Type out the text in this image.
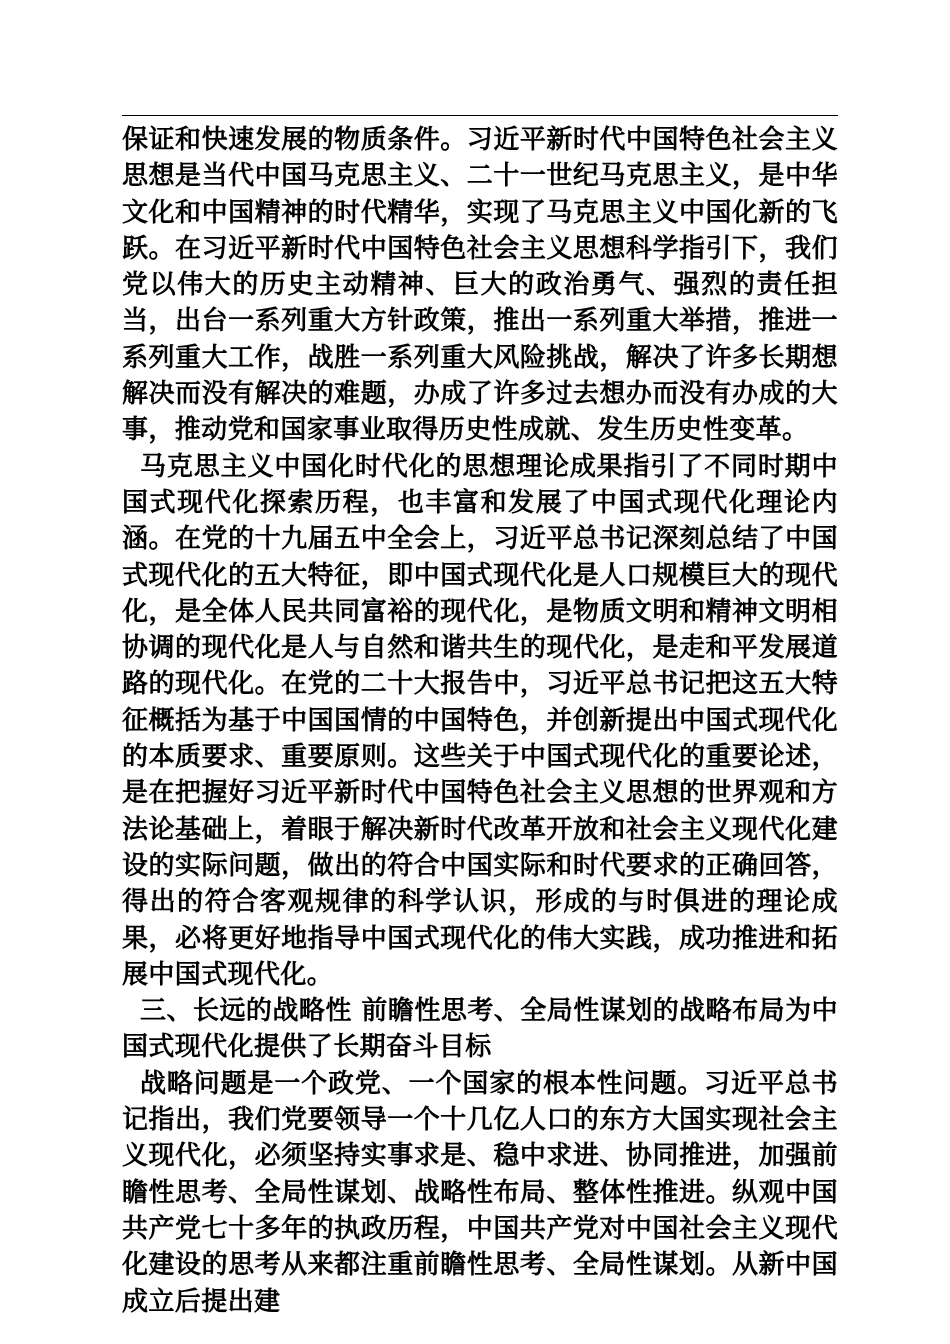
保证和快速发展的物质条件。习近平新时代中国特色社会主义思想是当代中国马克思主义、二十一世纪马克思主义，是中华文化和中国精神的时代精华，实现了马克思主义中国化新的飞跃。在习近平新时代中国特色社会主义思想科学指引下，我们党以伟大的历史主动精神、巨大的政治勇气、强烈的责任担当，出台一系列重大方针政策，推出一系列重大举措，推进一系列重大工作，战胜一系列重大风险挑战，解决了许多长期想解决而没有解决的难题，办成了许多过去想办而没有办成的大事，推动党和国家事业取得历史性成就、发生历史性变革。

马克思主义中国化时代化的思想理论成果指引了不同时期中国式现代化探索历程，也丰富和发展了中国式现代化理论内涵。在党的十九届五中全会上，习近平总书记深刻总结了中国式现代化的五大特征，即中国式现代化是人口规模巨大的现代化，是全体人民共同富裕的现代化，是物质文明和精神文明相协调的现代化是人与自然和谐共生的现代化，是走和平发展道路的现代化。在党的二十大报告中，习近平总书记把这五大特征概括为基于中国国情的中国特色，并创新提出中国式现代化的本质要求、重要原则。这些关于中国式现代化的重要论述，是在把握好习近平新时代中国特色社会主义思想的世界观和方法论基础上，着眼于解决新时代改革开放和社会主义现代化建设的实际问题，做出的符合中国实际和时代要求的正确回答，得出的符合客观规律的科学认识，形成的与时俱进的理论成果，必将更好地指导中国式现代化的伟大实践，成功推进和拓展中国式现代化。

三、长远的战略性 前瞻性思考、全局性谋划的战略布局为中国式现代化提供了长期奋斗目标

战略问题是一个政党、一个国家的根本性问题。习近平总书记指出，我们党要领导一个十几亿人口的东方大国实现社会主义现代化，必须坚持实事求是、稳中求进、协同推进，加强前瞻性思考、全局性谋划、战略性布局、整体性推进。纵观中国共产党七十多年的执政历程，中国共产党对中国社会主义现代化建设的思考从来都注重前瞻性思考、全局性谋划。从新中国成立后提出建
